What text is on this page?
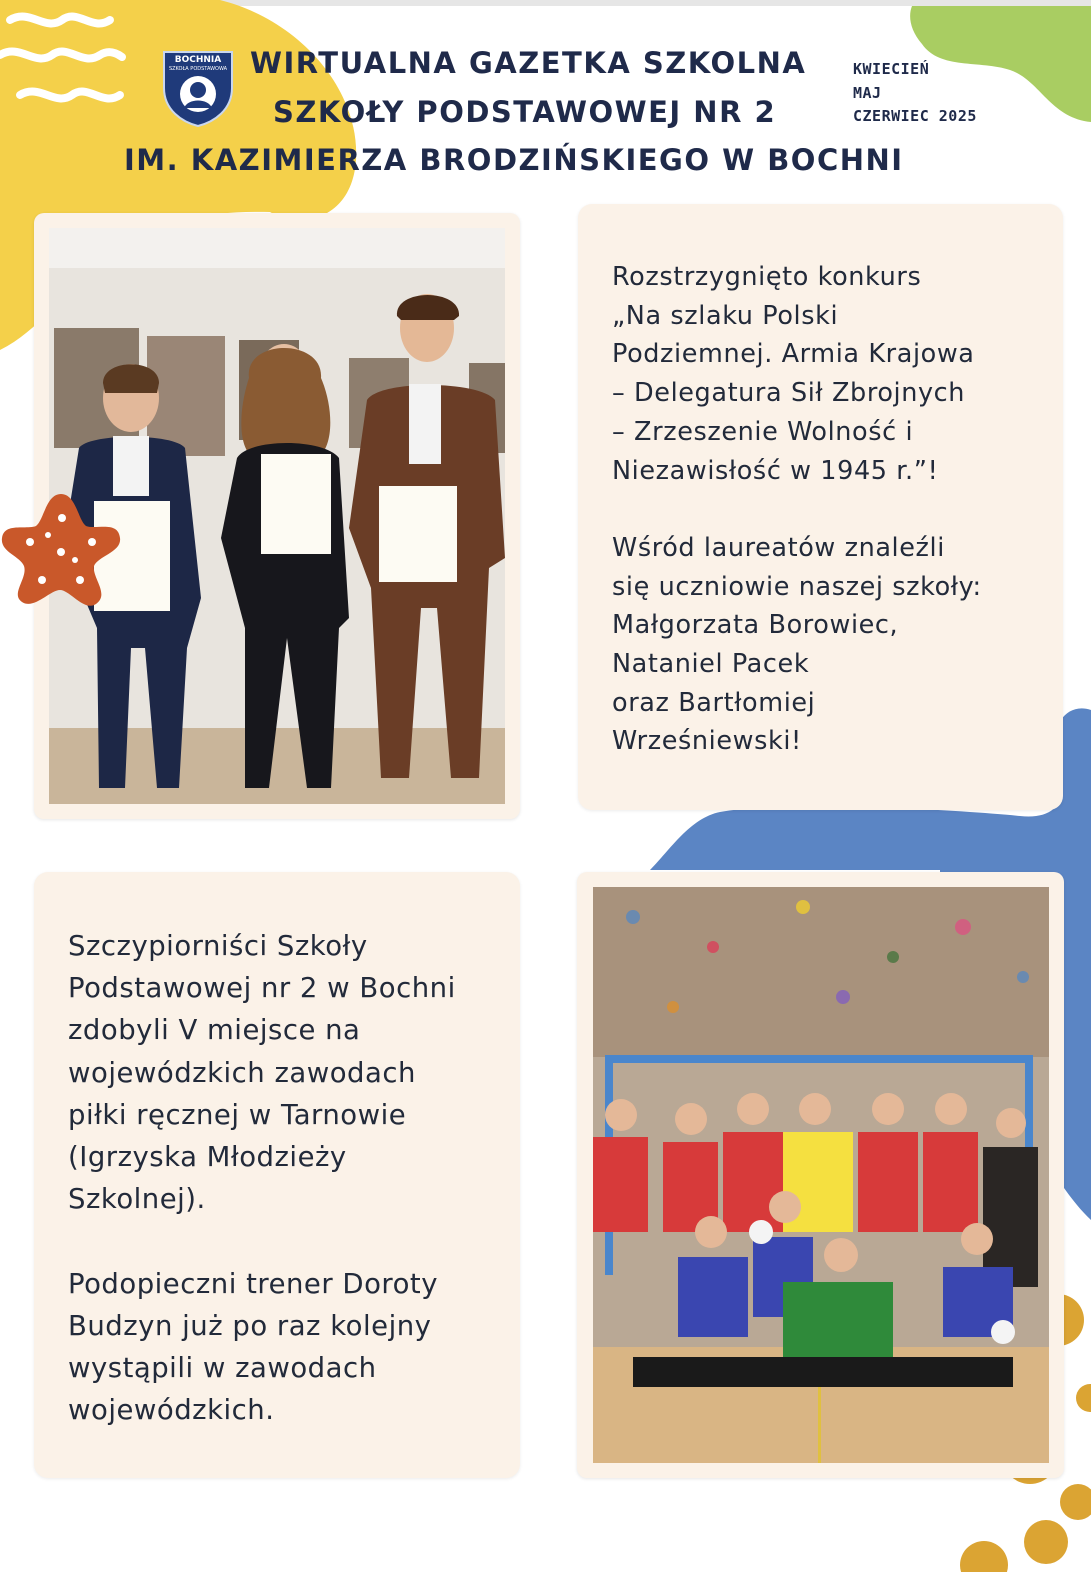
BOCHNIA
SZKOŁA PODSTAWOWA WIRTUALNA GAZETKA SZKOLNA
SZKOŁY PODSTAWOWEJ NR 2
IM. KAZIMIERZA BRODZIŃSKIEGO W BOCHNI
KWIECIEŃ
MAJ
CZERWIEC 2025

Rozstrzygnięto konkurs

„Na szlaku Polski

Podziemnej. Armia Krajowa

– Delegatura Sił Zbrojnych

– Zrzeszenie Wolność i

Niezawisłość w 1945 r.”!

Wśród laureatów znaleźli

się uczniowie naszej szkoły:

Małgorzata Borowiec,

Nataniel Pacek

oraz Bartłomiej

Wrześniewski!

Szczypiorniści Szkoły

Podstawowej nr 2 w Bochni

zdobyli V miejsce na

wojewódzkich zawodach

piłki ręcznej w Tarnowie

(Igrzyska Młodzieży

Szkolnej).

Podopieczni trener Doroty

Budzyn już po raz kolejny

wystąpili w zawodach

wojewódzkich.
